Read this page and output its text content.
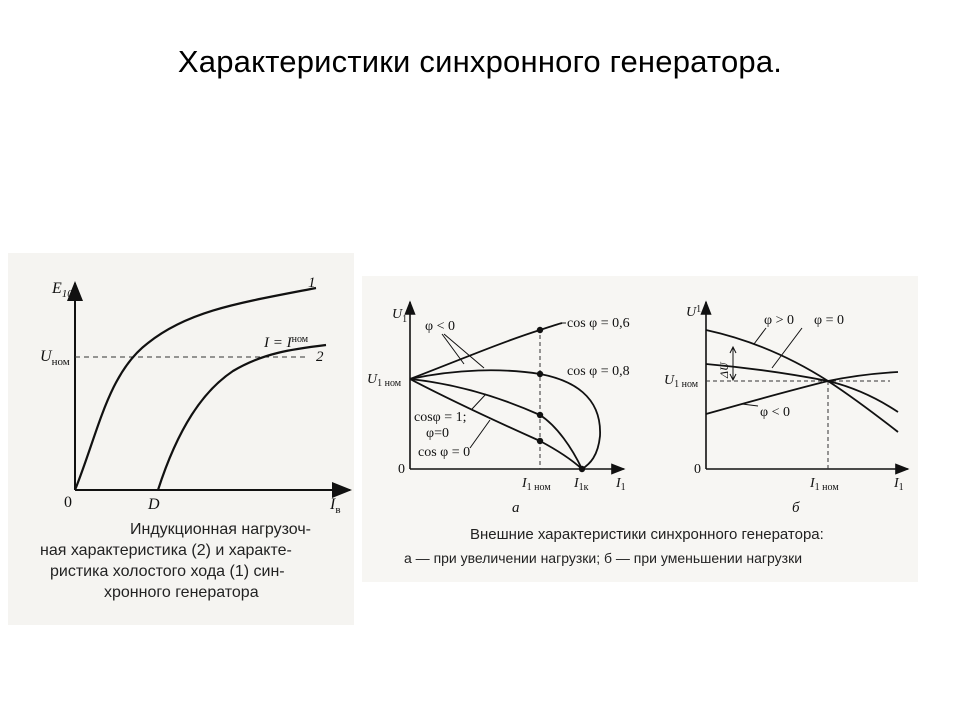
Характеристики синхронного генератора.
$E_{10}$
$U_{ном}$
0	D	$I_в$
1
2
$I = I^{ном}$
Индукционная нагрузоч-
ная характеристика (2) и характе-
ристика холостого хода (1) син-
хронного генератора
$U_1$
$U_{1 ном}$
0
φ < 0	cos φ = 0,6
cos φ = 0,8
cosφ = 1;
φ=0
cos φ = 0
$I_{1 ном}$ $I_{1к}$ $I_1$
а
$U^1$
$U_{1 ном}$
0
ΔU
φ > 0 φ = 0
φ < 0
$I_{1 ном}$	$I_1$
б
Внешние характеристики синхронного генератора:
а — при увеличении нагрузки; б — при уменьшении нагрузки
